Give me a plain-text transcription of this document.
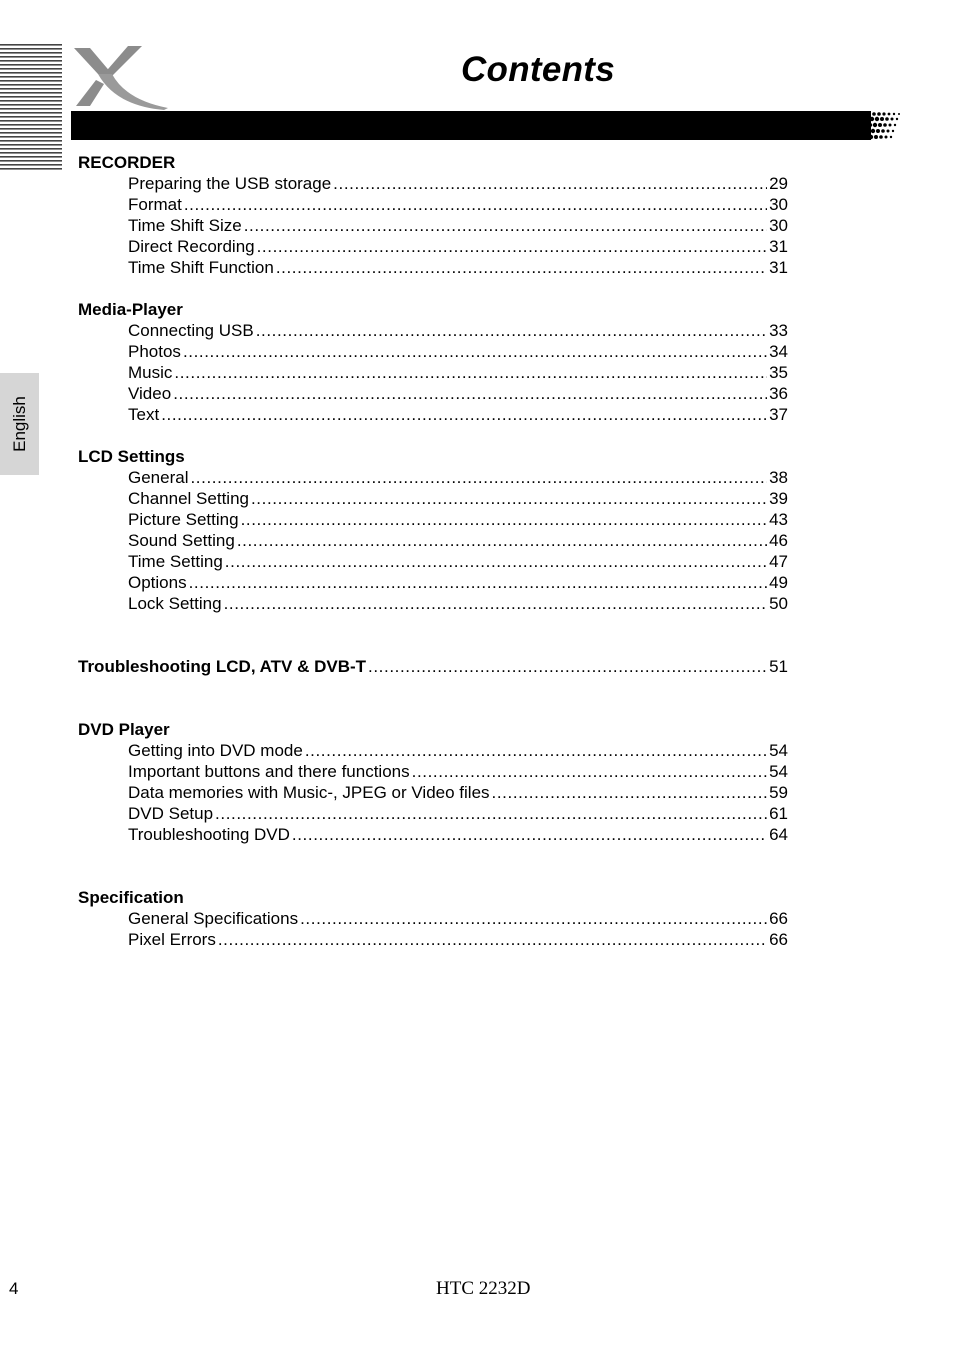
Contents
English
RECORDER
Preparing the USB storage .....	29
Format .....	30
Time Shift Size .....	30
Direct Recording .....	31
Time Shift Function .....	31
Media-Player
Connecting USB .....	33
Photos .....	34
Music .....	35
Video .....	36
Text .....	37
LCD Settings
General .....	38
Channel Setting .....	39
Picture Setting .....	43
Sound Setting .....	46
Time Setting .....	47
Options .....	49
Lock Setting .....	50
Troubleshooting LCD, ATV & DVB-T .....	51
DVD Player
Getting into DVD mode .....	54
Important buttons and there functions .....	54
Data memories with Music-, JPEG or Video files .....	59
DVD Setup .....	61
Troubleshooting DVD .....	64
Specification
General Specifications .....	66
Pixel Errors .....	66
4	HTC 2232D
